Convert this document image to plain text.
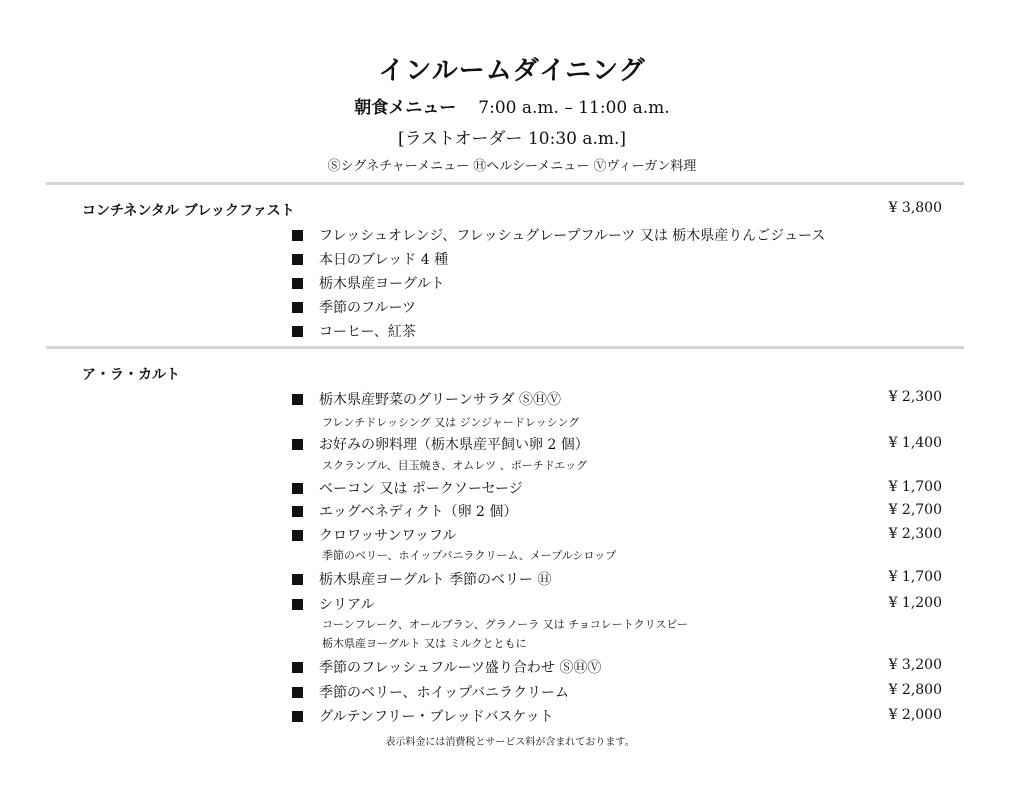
インルームダイニング
朝食メニュー 7:00 a.m. – 11:00 a.m.
[ラストオーダー 10:30 a.m.]
Ⓢシグネチャーメニュー Ⓗヘルシーメニュー Ⓥヴィーガン料理
コンチネンタル ブレックファスト	¥ 3,800
フレッシュオレンジ、フレッシュグレープフルーツ 又は 栃木県産りんごジュース
本日のブレッド 4 種
栃木県産ヨーグルト
季節のフルーツ
コーヒー、紅茶
ア・ラ・カルト
栃木県産野菜のグリーンサラダ ⓈⒽⓋ	¥ 2,300
フレンチドレッシング 又は ジンジャードレッシング
お好みの卵料理（栃木県産平飼い卵 2 個）	¥ 1,400
スクランブル、目玉焼き、オムレツ 、ポーチドエッグ
ベーコン 又は ポークソーセージ	¥ 1,700
エッグベネディクト（卵 2 個）	¥ 2,700
クロワッサンワッフル	¥ 2,300
季節のベリー、ホイップバニラクリーム、メープルシロップ
栃木県産ヨーグルト 季節のベリー Ⓗ	¥ 1,700
シリアル	¥ 1,200
コーンフレーク、オールブラン、グラノーラ 又は チョコレートクリスピー
栃木県産ヨーグルト 又は ミルクとともに
季節のフレッシュフルーツ盛り合わせ ⓈⒽⓋ	¥ 3,200
季節のベリー、ホイップバニラクリーム	¥ 2,800
グルテンフリー・ブレッドバスケット	¥ 2,000
表示料金には消費税とサービス料が含まれております。
